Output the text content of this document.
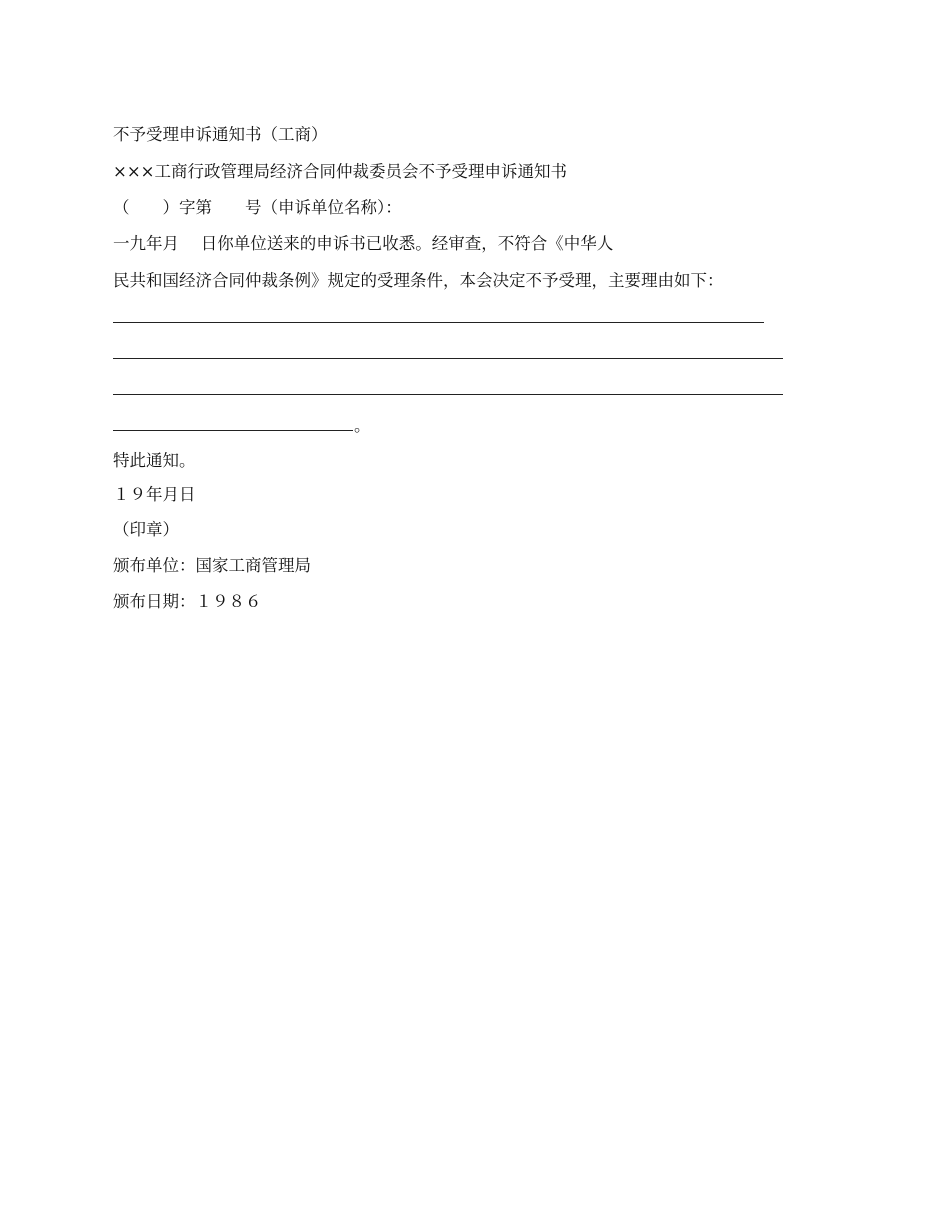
不予受理申诉通知书（工商）
×××工商行政管理局经济合同仲裁委员会不予受理申诉通知书
（　　）字第　　号（申诉单位名称）：
一九年月　 日你单位送来的申诉书已收悉。经审查，不符合《中华人
民共和国经济合同仲裁条例》规定的受理条件，本会决定不予受理，主要理由如下：
。
特此通知。
１９年月日
（印章）
颁布单位：国家工商管理局
颁布日期：１９８６
